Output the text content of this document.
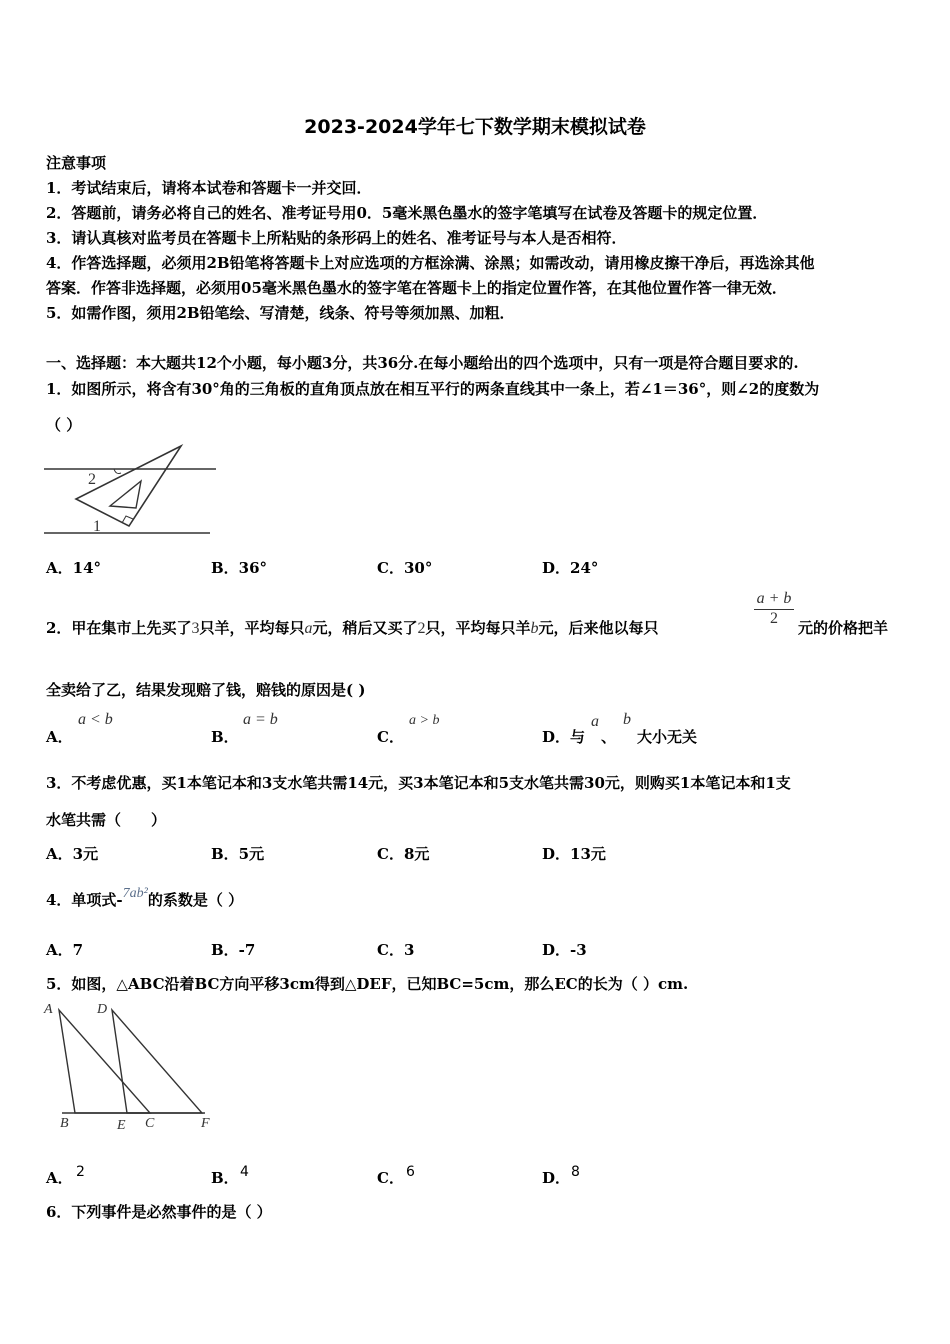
2023-2024学年七下数学期末模拟试卷
注意事项
1．考试结束后，请将本试卷和答题卡一并交回．
2．答题前，请务必将自己的姓名、准考证号用0．5毫米黑色墨水的签字笔填写在试卷及答题卡的规定位置．
3．请认真核对监考员在答题卡上所粘贴的条形码上的姓名、准考证号与本人是否相符．
4．作答选择题，必须用2B铅笔将答题卡上对应选项的方框涂满、涂黑；如需改动，请用橡皮擦干净后，再选涂其他
答案．作答非选择题，必须用05毫米黑色墨水的签字笔在答题卡上的指定位置作答，在其他位置作答一律无效．
5．如需作图，须用2B铅笔绘、写清楚，线条、符号等须加黑、加粗．
一、选择题：本大题共12个小题，每小题3分，共36分.在每小题给出的四个选项中，只有一项是符合题目要求的.
1．如图所示，将含有30°角的三角板的直角顶点放在相互平行的两条直线其中一条上，若∠1＝36°，则∠2的度数为
（ ）
2
1
A．14°	B．36°	C．30°	D．24°
2．甲在集市上先买了3只羊，平均每只a元，稍后又买了2只，平均每只羊b元，后来他以每只
a + b
2
元的价格把羊
全卖给了乙，结果发现赔了钱，赔钱的原因是( )
A．
a < b
B．
a = b
C．
a > b
D．与
a
、
b
大小无关
3．不考虑优惠，买1本笔记本和3支水笔共需14元，买3本笔记本和5支水笔共需30元，则购买1本笔记本和1支
水笔共需（　　）
A．3元	B．5元	C．8元	D．13元
4．单项式-7ab²的系数是（ ）
A．7	B．-7	C．3	D．-3
5．如图，△ABC沿着BC方向平移3cm得到△DEF，已知BC=5cm，那么EC的长为（ ）cm.
A	D
B	E C	F
A． 2	B． 4	C． 6	D． 8
6．下列事件是必然事件的是（ ）
